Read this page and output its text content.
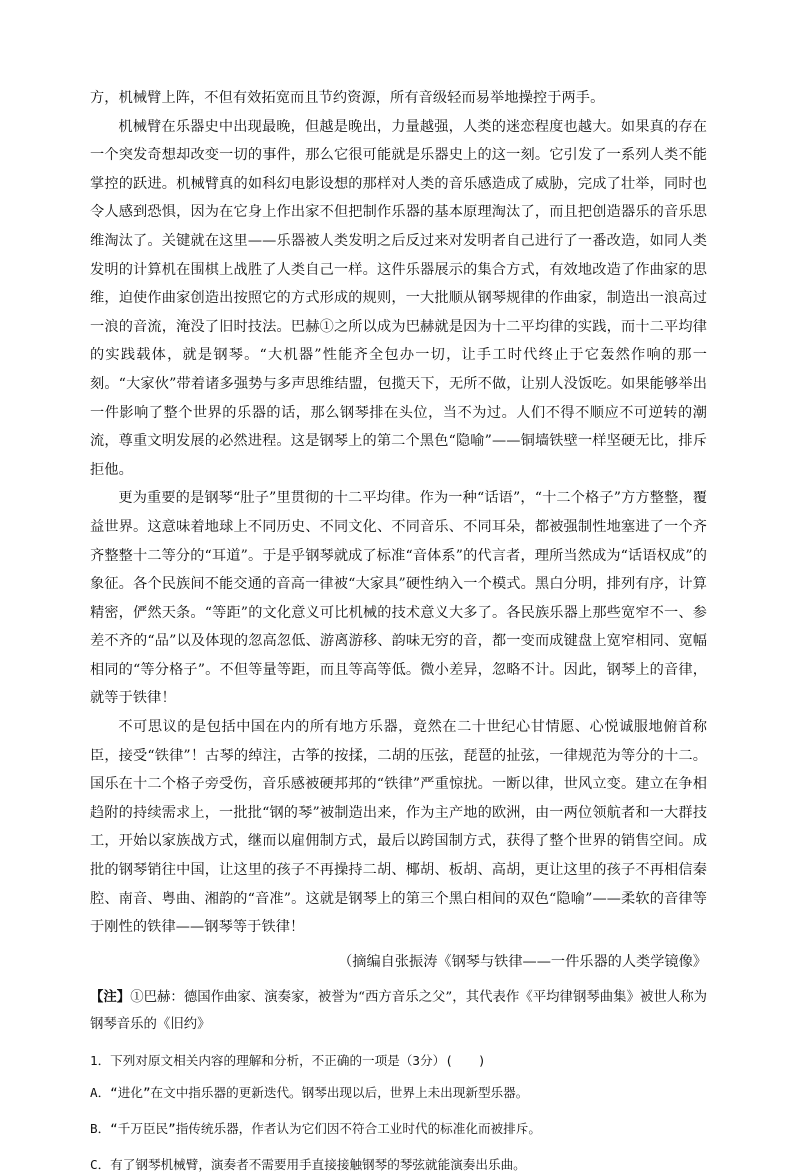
方，机械臂上阵，不但有效拓宽而且节约资源，所有音级轻而易举地操控于两手。

机械臂在乐器史中出现最晚，但越是晚出，力量越强，人类的迷恋程度也越大。如果真的存在一个突发奇想却改变一切的事件，那么它很可能就是乐器史上的这一刻。它引发了一系列人类不能掌控的跃进。机械臂真的如科幻电影设想的那样对人类的音乐感造成了威胁，完成了壮举，同时也令人感到恐惧，因为在它身上作出家不但把制作乐器的基本原理淘汰了，而且把创造器乐的音乐思维淘汰了。关键就在这里——乐器被人类发明之后反过来对发明者自己进行了一番改造，如同人类发明的计算机在围棋上战胜了人类自己一样。这件乐器展示的集合方式，有效地改造了作曲家的思维，迫使作曲家创造出按照它的方式形成的规则，一大批顺从钢琴规律的作曲家，制造出一浪高过一浪的音流，淹没了旧时技法。巴赫①之所以成为巴赫就是因为十二平均律的实践，而十二平均律的实践载体，就是钢琴。“大机器”性能齐全包办一切，让手工时代终止于它轰然作响的那一刻。“大家伙”带着诸多强势与多声思维结盟，包揽天下，无所不做，让别人没饭吃。如果能够举出一件影响了整个世界的乐器的话，那么钢琴排在头位，当不为过。人们不得不顺应不可逆转的潮流，尊重文明发展的必然进程。这是钢琴上的第二个黑色“隐喻”——铜墙铁壁一样坚硬无比，排斥拒他。

更为重要的是钢琴“肚子”里贯彻的十二平均律。作为一种“话语”，“十二个格子”方方整整，覆益世界。这意味着地球上不同历史、不同文化、不同音乐、不同耳朵，都被强制性地塞进了一个齐齐整整十二等分的“耳道”。于是乎钢琴就成了标准“音体系”的代言者，理所当然成为“话语权成”的象征。各个民族间不能交通的音高一律被“大家具”硬性纳入一个模式。黑白分明，排列有序，计算精密，俨然天条。“等距”的文化意义可比机械的技术意义大多了。各民族乐器上那些宽窄不一、参差不齐的“品”以及体现的忽高忽低、游离游移、韵味无穷的音，都一变而成键盘上宽窄相同、宽幅相同的“等分格子”。不但等量等距，而且等高等低。微小差异，忽略不计。因此，钢琴上的音律，就等于铁律！

不可思议的是包括中国在内的所有地方乐器，竟然在二十世纪心甘情愿、心悦诚服地俯首称臣，接受“铁律”！古琴的绰注，古筝的按揉，二胡的压弦，琵琶的扯弦，一律规范为等分的十二。国乐在十二个格子旁受伤，音乐感被硬邦邦的“铁律”严重惊扰。一断以律，世风立变。建立在争相趋附的持续需求上，一批批“钢的琴”被制造出来，作为主产地的欧洲，由一两位领航者和一大群技工，开始以家族战方式，继而以雇佣制方式，最后以跨国制方式，获得了整个世界的销售空间。成批的钢琴销往中国，让这里的孩子不再操持二胡、椰胡、板胡、高胡，更让这里的孩子不再相信秦腔、南音、粤曲、湘韵的“音准”。这就是钢琴上的第三个黑白相间的双色“隐喻”——柔软的音律等于刚性的铁律——钢琴等于铁律！

（摘编自张振涛《钢琴与铁律——一件乐器的人类学镜像》

【注】①巴赫：德国作曲家、演奏家，被誉为“西方音乐之父”，其代表作《平均律钢琴曲集》被世人称为钢琴音乐的《旧约》

1．下列对原文相关内容的理解和分析，不正确的一项是（3分）(　　)

A．“进化”在文中指乐器的更新迭代。钢琴出现以后，世界上未出现新型乐器。

B．“千万臣民”指传统乐器，作者认为它们因不符合工业时代的标准化而被排斥。

C．有了钢琴机械臂，演奏者不需要用手直接接触钢琴的琴弦就能演奏出乐曲。
